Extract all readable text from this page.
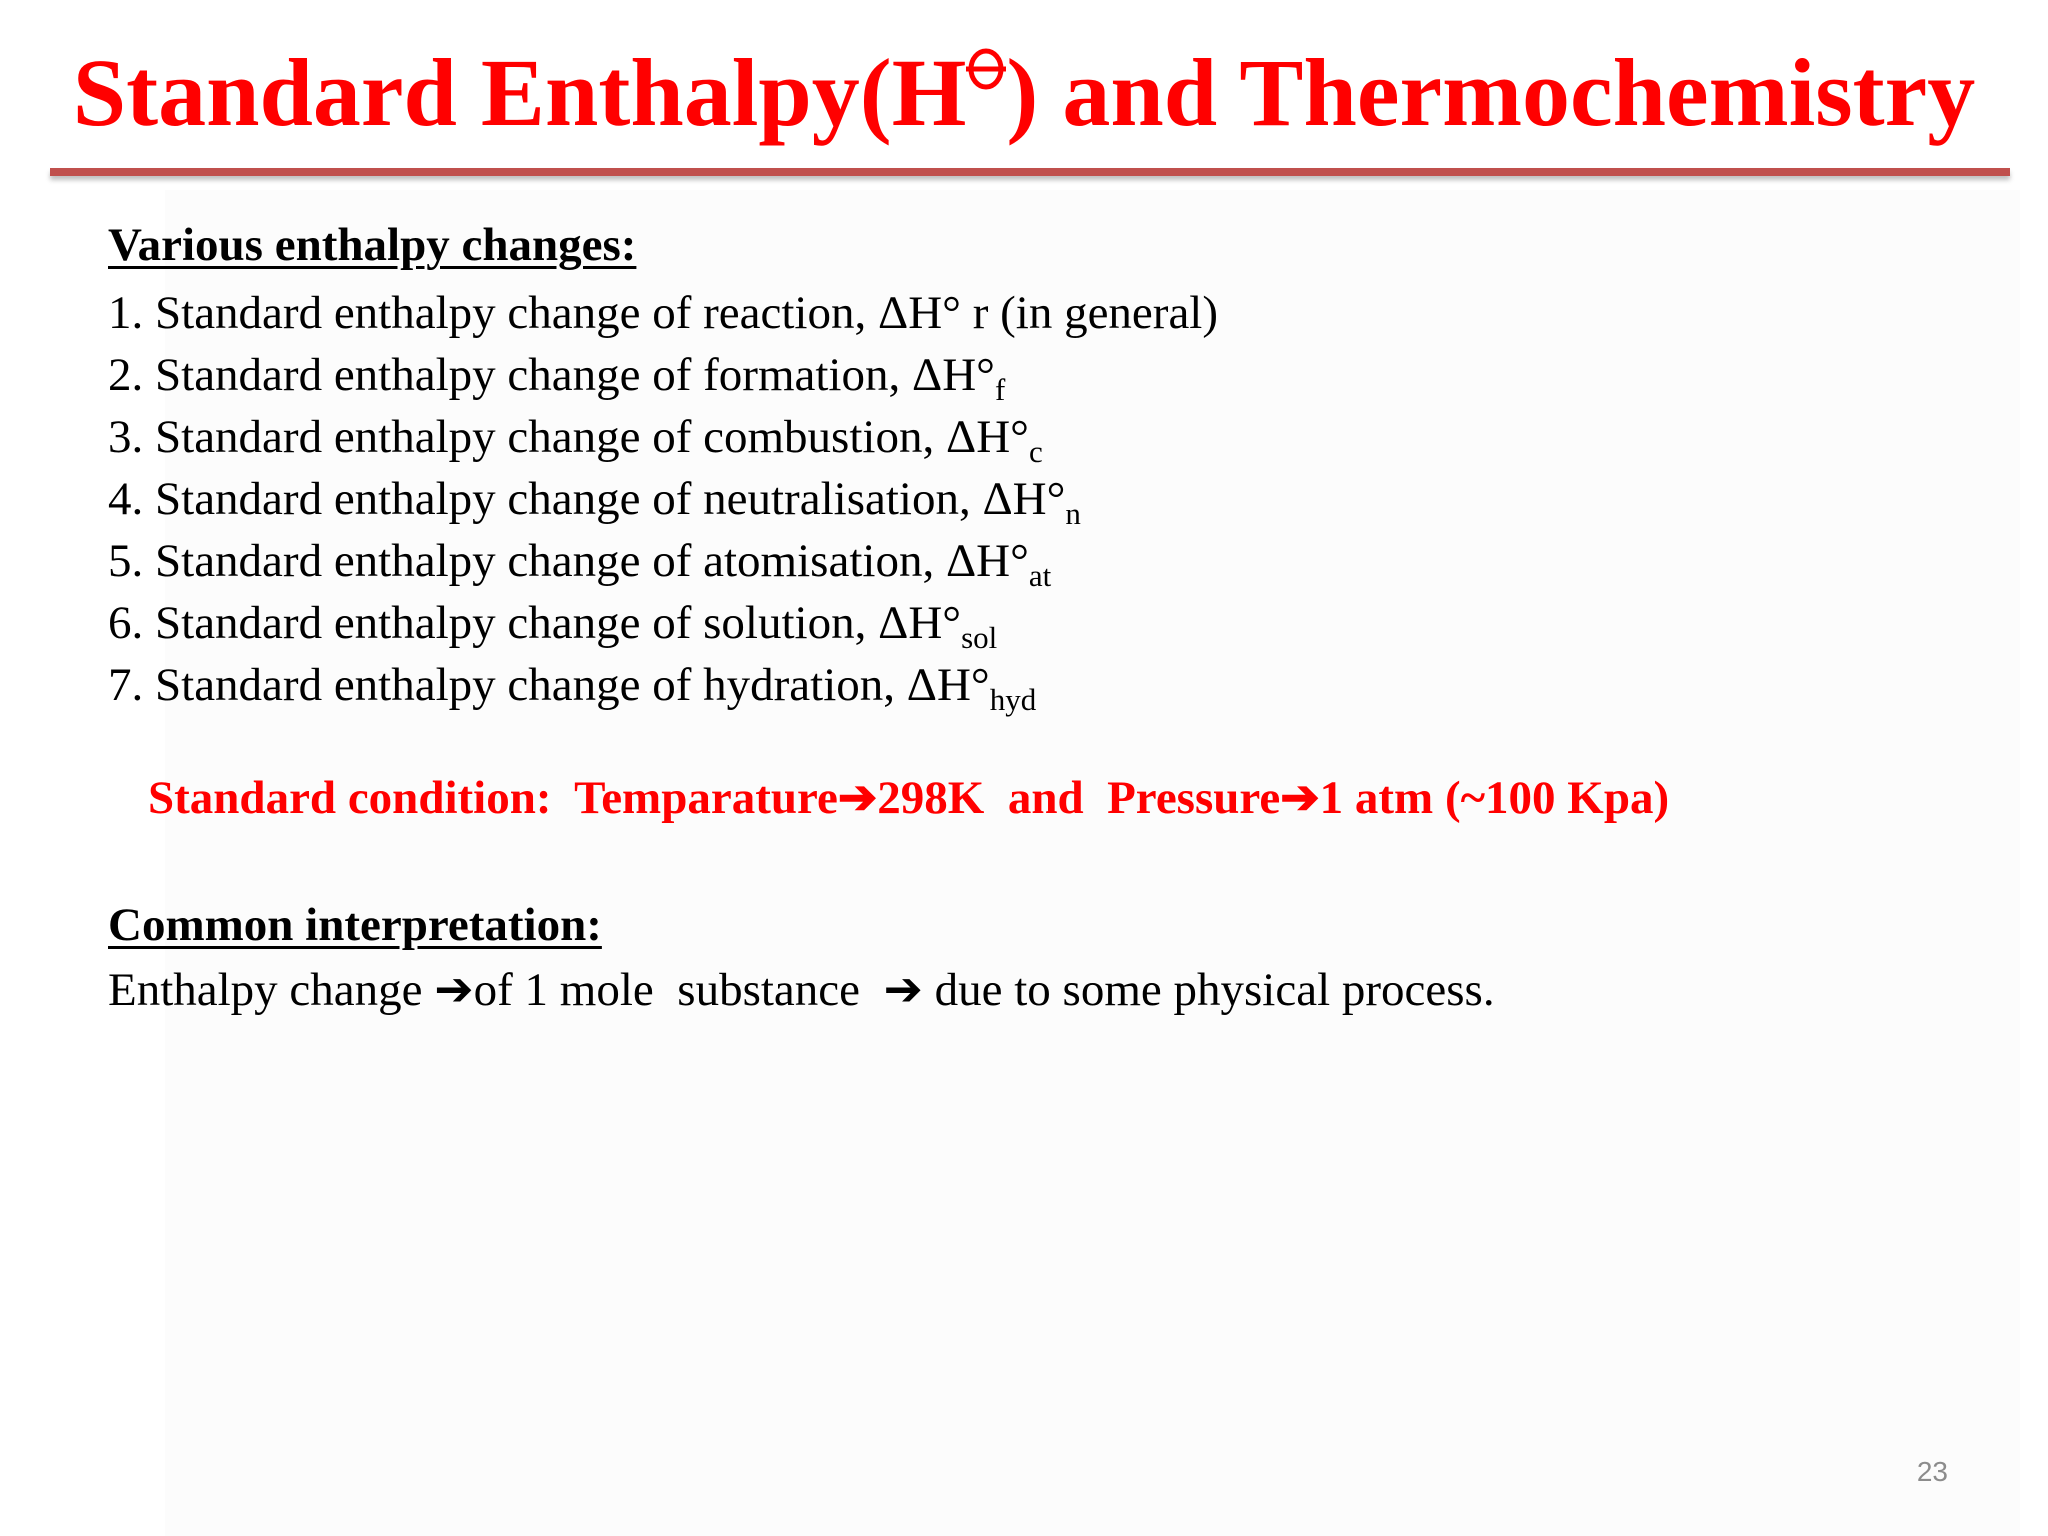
Standard Enthalpy(H ) and Thermochemistry
Various enthalpy changes:
1. Standard enthalpy change of reaction, ΔH° r (in general)
2. Standard enthalpy change of formation, $\Delta H^\circ_f$
3. Standard enthalpy change of combustion, $\Delta H^\circ_c$
4. Standard enthalpy change of neutralisation, $\Delta H^\circ_n$
5. Standard enthalpy change of atomisation, $\Delta H^\circ_{at}$
6. Standard enthalpy change of solution, $\Delta H^\circ_{sol}$
7. Standard enthalpy change of hydration, $\Delta H^\circ_{hyd}$
Standard condition:  Temparature➔298K  and  Pressure➔1 atm (~100 Kpa)
Common interpretation:
Enthalpy change ➔of 1 mole  substance  ➔ due to some physical process.
23
